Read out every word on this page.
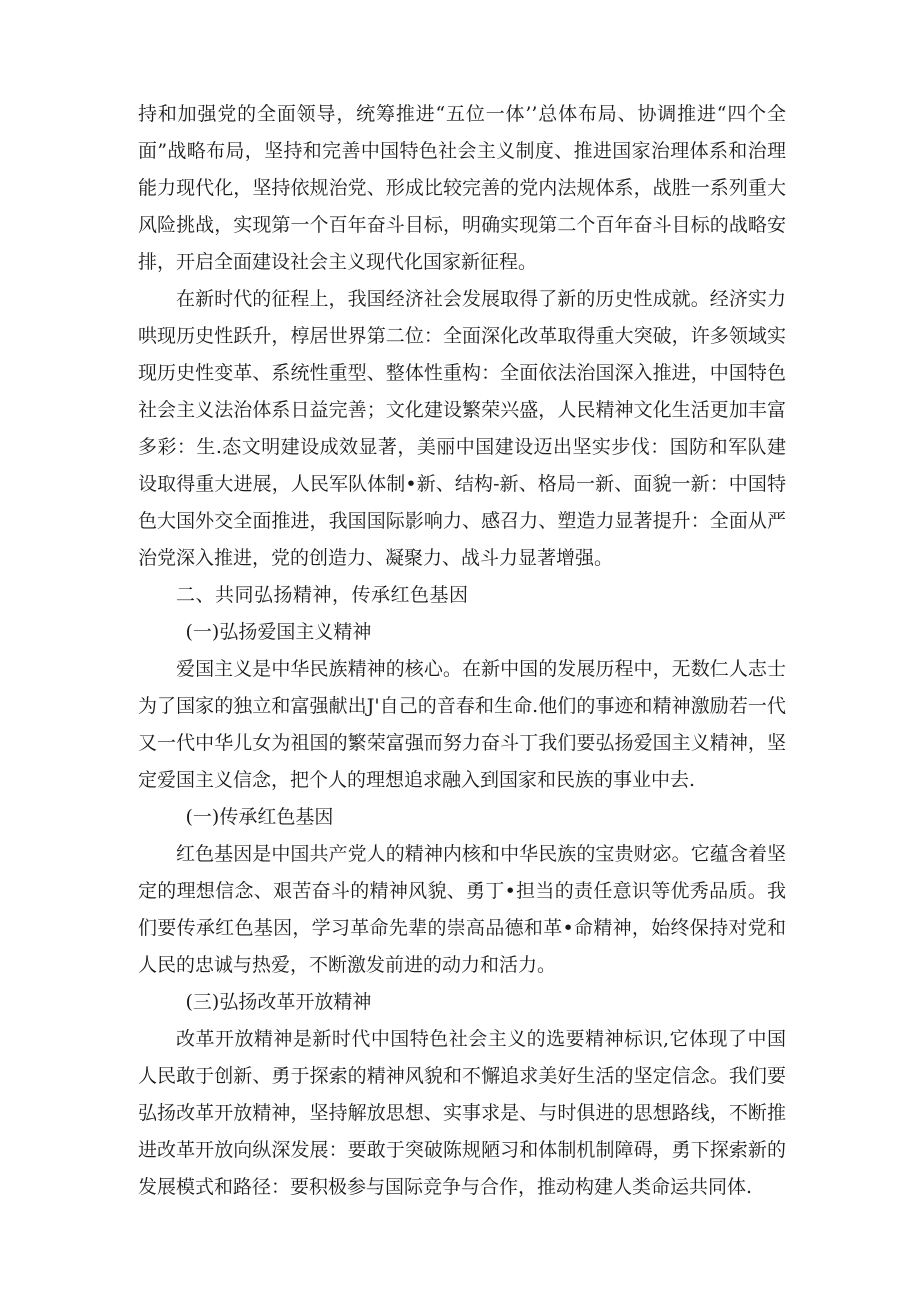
持和加强党的全面领导，统筹推进“五位一体’’总体布局、协调推进“四个全面”战略布局，坚持和完善中国特色社会主义制度、推进国家治理体系和治理能力现代化，坚持依规治党、形成比较完善的党内法规体系，战胜一系列重大风险挑战，实现第一个百年奋斗目标，明确实现第二个百年奋斗目标的战略安排，开启全面建设社会主义现代化国家新征程。

在新时代的征程上，我国经济社会发展取得了新的历史性成就。经济实力哄现历史性跃升，椁居世界第二位：全面深化改革取得重大突破，许多领域实现历史性变革、系统性重型、整体性重构：全面依法治国深入推进，中国特色社会主义法治体系日益完善；文化建设繁荣兴盛，人民精神文化生活更加丰富多彩：生.态文明建设成效显著，美丽中国建设迈出坚实步伐：国防和军队建设取得重大进展，人民军队体制•新、结构-新、格局一新、面貌一新：中国特色大国外交全面推进，我国国际影响力、感召力、塑造力显著提升：全面从严治党深入推进，党的创造力、凝聚力、战斗力显著增强。

二、共同弘扬精神，传承红色基因

(一)弘扬爱国主义精神

爱国主义是中华民族精神的核心。在新中国的发展历程中，无数仁人志士为了国家的独立和富强献出J'自己的音春和生命.他们的事迹和精神激励若一代又一代中华儿女为祖国的繁荣富强而努力奋斗丁我们要弘扬爱国主义精神，坚定爱国主义信念，把个人的理想追求融入到国家和民族的事业中去.

(一)传承红色基因

红色基因是中国共产党人的精神内核和中华民族的宝贵财宓。它蕴含着坚定的理想信念、艰苦奋斗的精神风貌、勇丁•担当的责任意识等优秀品质。我们要传承红色基因，学习革命先辈的崇高品德和革•命精神，始终保持对党和人民的忠诚与热爱，不断激发前进的动力和活力。

(三)弘扬改革开放精神

改革开放精神是新时代中国特色社会主义的选要精神标识,它体现了中国人民敢于创新、勇于探索的精神风貌和不懈追求美好生活的坚定信念。我们要弘扬改革开放精神，坚持解放思想、实事求是、与时俱进的思想路线，不断推进改革开放向纵深发展：要敢于突破陈规陋习和体制机制障碍，勇下探索新的发展模式和路径：要积极参与国际竞争与合作，推动构建人类命运共同体.
